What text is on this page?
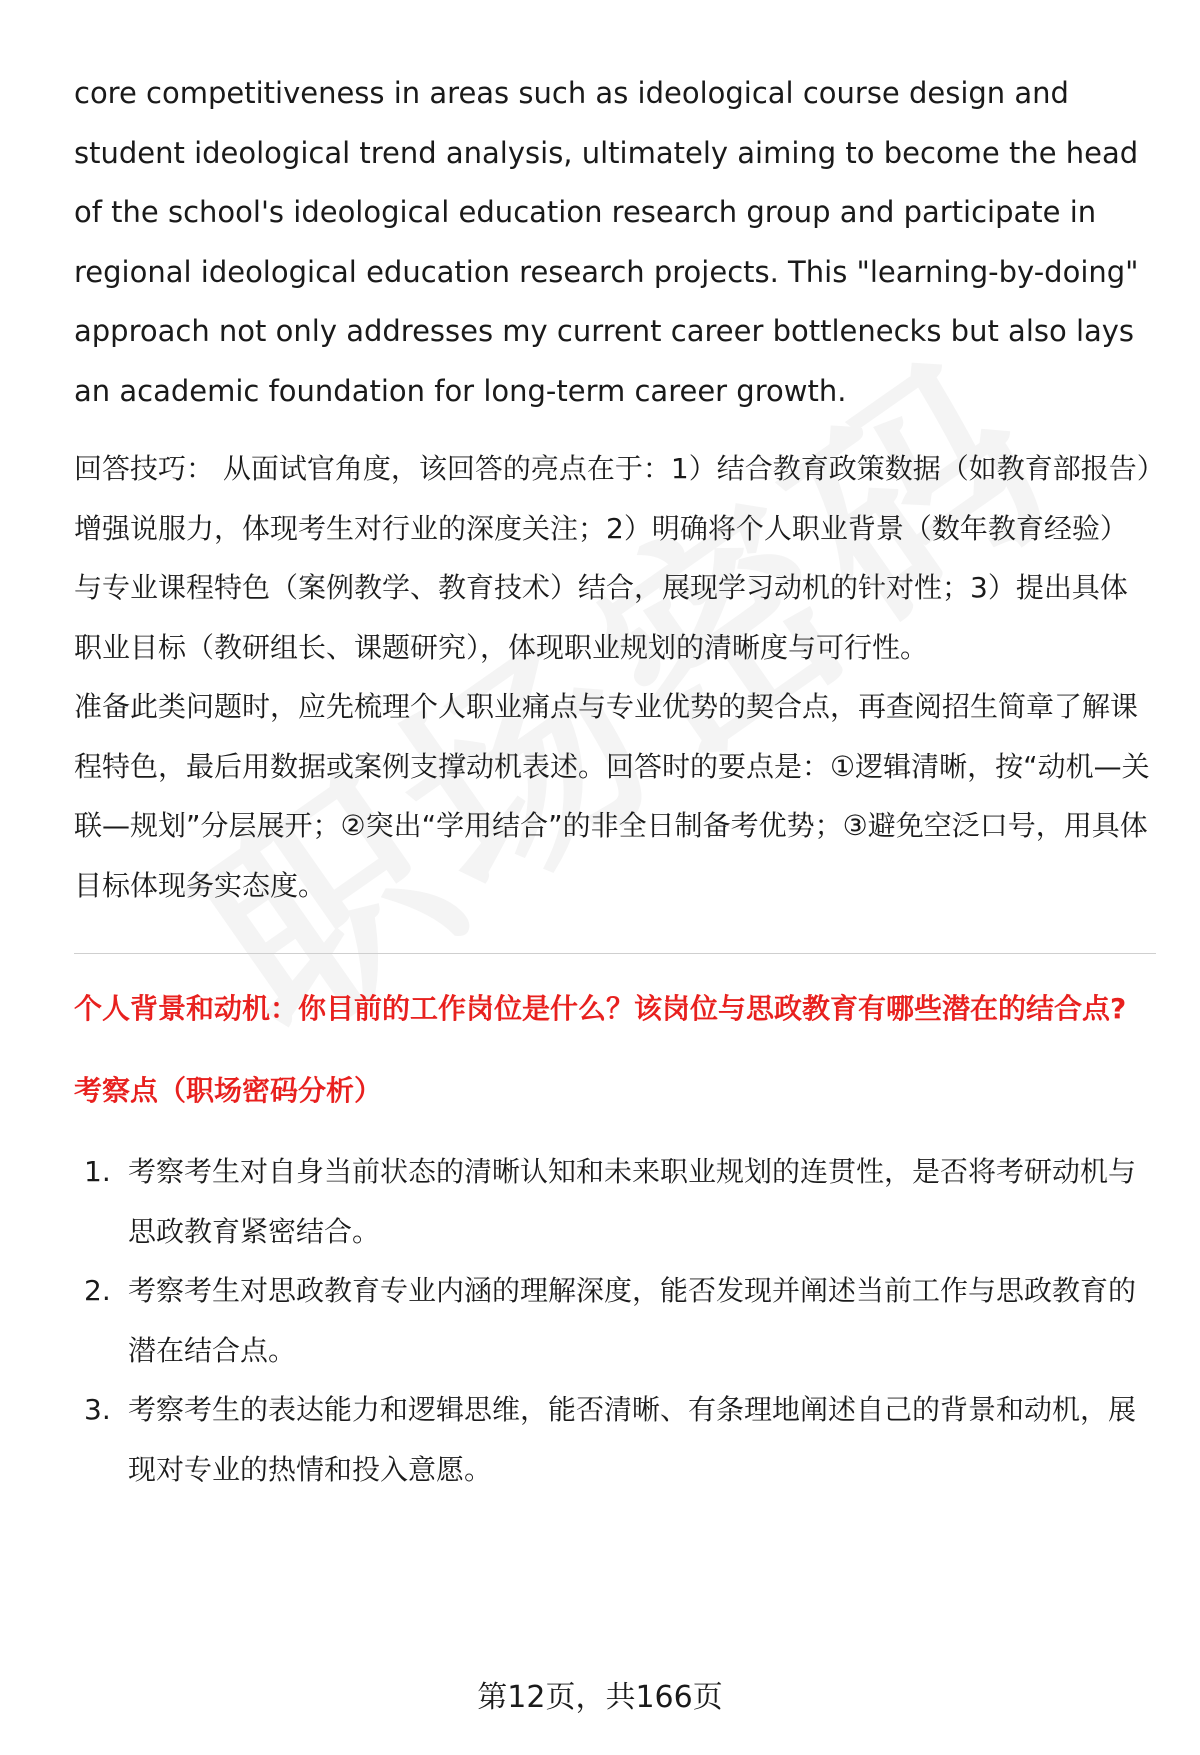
core competitiveness in areas such as ideological course design and student ideological trend analysis, ultimately aiming to become the head of the school's ideological education research group and participate in regional ideological education research projects. This "learning-by-doing" approach not only addresses my current career bottlenecks but also lays an academic foundation for long-term career growth.

回答技巧： 从面试官角度，该回答的亮点在于：1）结合教育政策数据（如教育部报告）增强说服力，体现考生对行业的深度关注；2）明确将个人职业背景（数年教育经验）与专业课程特色（案例教学、教育技术）结合，展现学习动机的针对性；3）提出具体职业目标（教研组长、课题研究），体现职业规划的清晰度与可行性。

准备此类问题时，应先梳理个人职业痛点与专业优势的契合点，再查阅招生简章了解课程特色，最后用数据或案例支撑动机表述。回答时的要点是：①逻辑清晰，按“动机—关联—规划”分层展开；②突出“学用结合”的非全日制备考优势；③避免空泛口号，用具体目标体现务实态度。

个人背景和动机：你目前的工作岗位是什么？该岗位与思政教育有哪些潜在的结合点?

考察点（职场密码分析）

1. 考察考生对自身当前状态的清晰认知和未来职业规划的连贯性，是否将考研动机与思政教育紧密结合。
2. 考察考生对思政教育专业内涵的理解深度，能否发现并阐述当前工作与思政教育的潜在结合点。
3. 考察考生的表达能力和逻辑思维，能否清晰、有条理地阐述自己的背景和动机，展现对专业的热情和投入意愿。
第12页，共166页
